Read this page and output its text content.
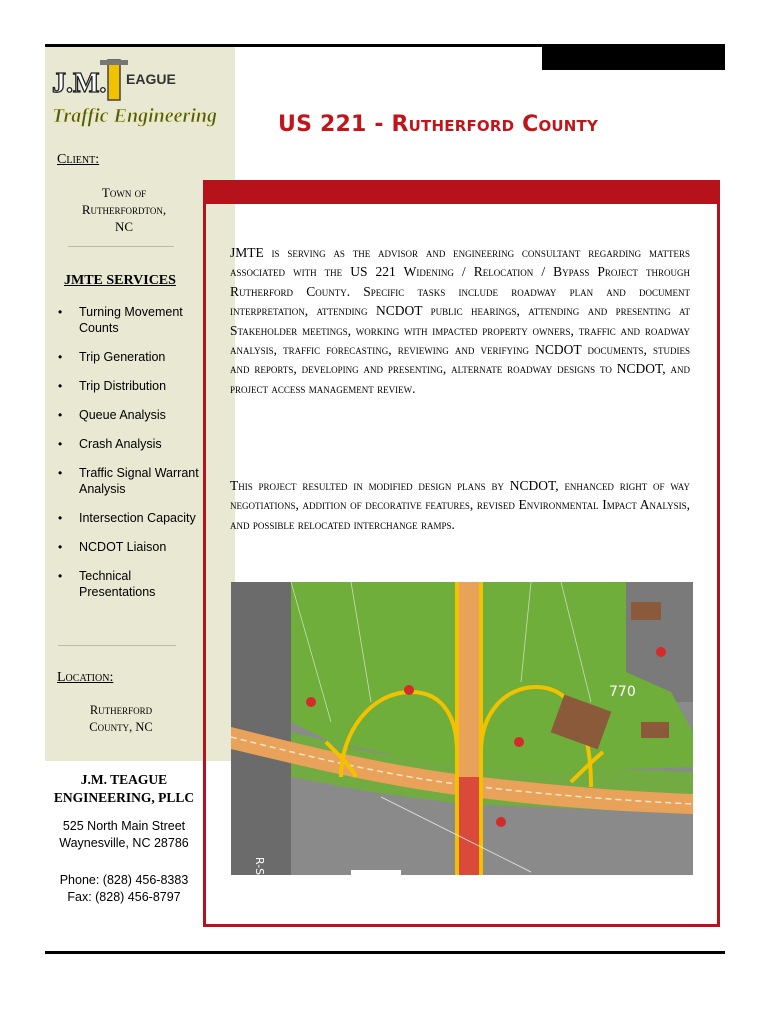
J.M. EAGUE
Traffic Engineering	US 221 - Rutherford County
Client:
Town of
Rutherfordton,
NC
JMTE SERVICES
• Turning Movement Counts
• Trip Generation
• Trip Distribution
• Queue Analysis
• Crash Analysis
• Traffic Signal Warrant Analysis
• Intersection Capacity
• NCDOT Liaison
• Technical Presentations
Location:
Rutherford
County, NC
J.M. TEAGUE
ENGINEERING, PLLC
525 North Main Street
Waynesville, NC 28786
Phone: (828) 456-8383
Fax: (828) 456-8797
JMTE is serving as the advisor and engineering consultant regarding matters associated with the US 221 Widening / Relocation / Bypass Project through Rutherford County. Specific tasks include roadway plan and document interpretation, attending NCDOT public hearings, attending and presenting at Stakeholder meetings, working with impacted property owners, traffic and roadway analysis, traffic forecasting, reviewing and verifying NCDOT documents, studies and reports, developing and presenting, alternate roadway designs to NCDOT, and project access management review.
This project resulted in modified design plans by NCDOT, enhanced right of way negotiations, addition of decorative features, revised Environmental Impact Analysis, and possible relocated interchange ramps.
770
R-S M
